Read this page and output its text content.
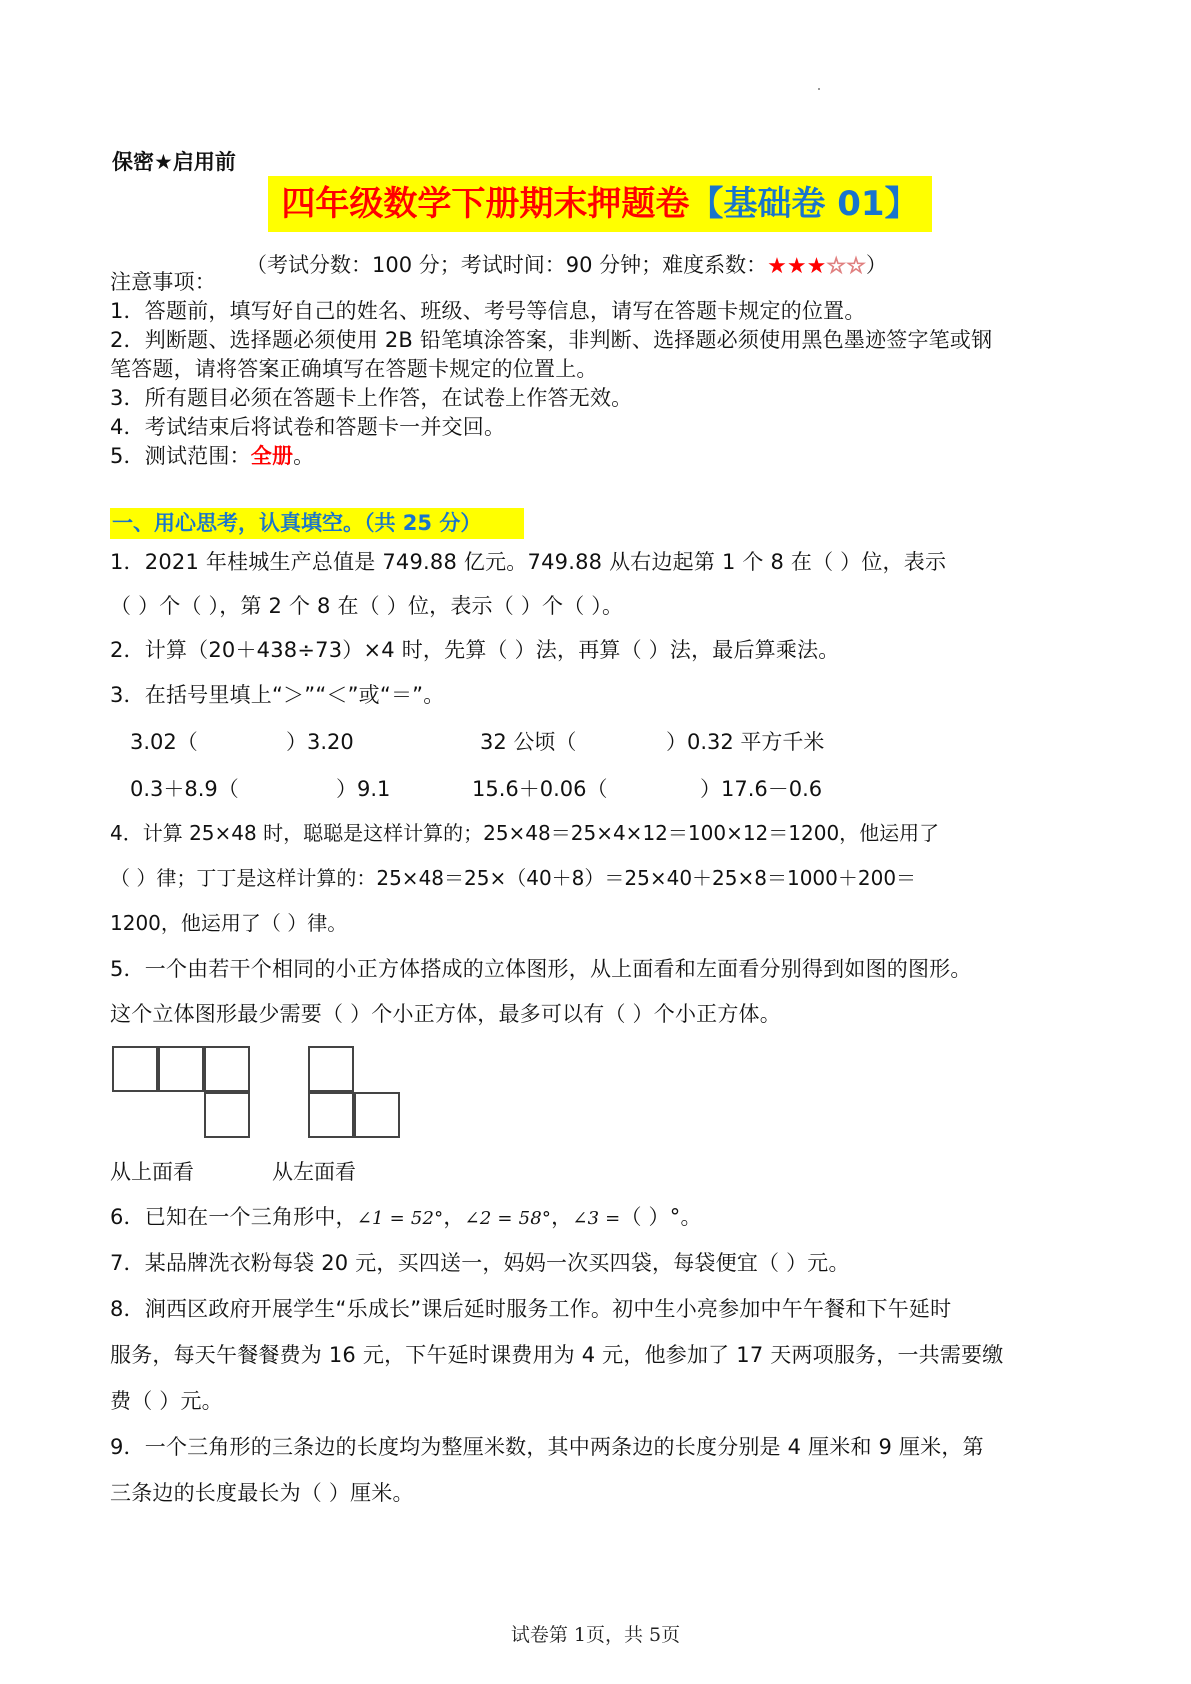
保密★启用前
四年级数学下册期末押题卷【基础卷 01】
（考试分数：100 分；考试时间：90 分钟；难度系数：★★★☆☆）
注意事项：
1．答题前，填写好自己的姓名、班级、考号等信息，请写在答题卡规定的位置。
2．判断题、选择题必须使用 2B 铅笔填涂答案，非判断、选择题必须使用黑色墨迹签字笔或钢
笔答题，请将答案正确填写在答题卡规定的位置上。
3．所有题目必须在答题卡上作答，在试卷上作答无效。
4．考试结束后将试卷和答题卡一并交回。
5．测试范围：全册。
一、用心思考，认真填空。（共 25 分）
1．2021 年桂城生产总值是 749.88 亿元。749.88 从右边起第 1 个 8 在（ ）位，表示
（ ）个（ ），第 2 个 8 在（ ）位，表示（ ）个（ ）。
2．计算（20＋438÷73）×4 时，先算（ ）法，再算（ ）法，最后算乘法。
3．在括号里填上“＞”“＜”或“＝”。
3.02（	）3.20	32 公顷（	）0.32 平方千米
0.3＋8.9（	）9.1	15.6＋0.06（	）17.6－0.6
4．计算 25×48 时，聪聪是这样计算的；25×48＝25×4×12＝100×12＝1200，他运用了
（ ）律；丁丁是这样计算的：25×48＝25×（40＋8）＝25×40＋25×8＝1000＋200＝
1200，他运用了（ ）律。
5．一个由若干个相同的小正方体搭成的立体图形，从上面看和左面看分别得到如图的图形。
这个立体图形最少需要（ ）个小正方体，最多可以有（ ）个小正方体。
从上面看	从左面看
6．已知在一个三角形中，∠1 = 52°，∠2 = 58°，∠3 =（ ）°。
7．某品牌洗衣粉每袋 20 元，买四送一，妈妈一次买四袋，每袋便宜（ ）元。
8．涧西区政府开展学生“乐成长”课后延时服务工作。初中生小亮参加中午午餐和下午延时
服务，每天午餐餐费为 16 元，下午延时课费用为 4 元，他参加了 17 天两项服务，一共需要缴
费（ ）元。
9．一个三角形的三条边的长度均为整厘米数，其中两条边的长度分别是 4 厘米和 9 厘米，第
三条边的长度最长为（ ）厘米。
试卷第 1页，共 5页
